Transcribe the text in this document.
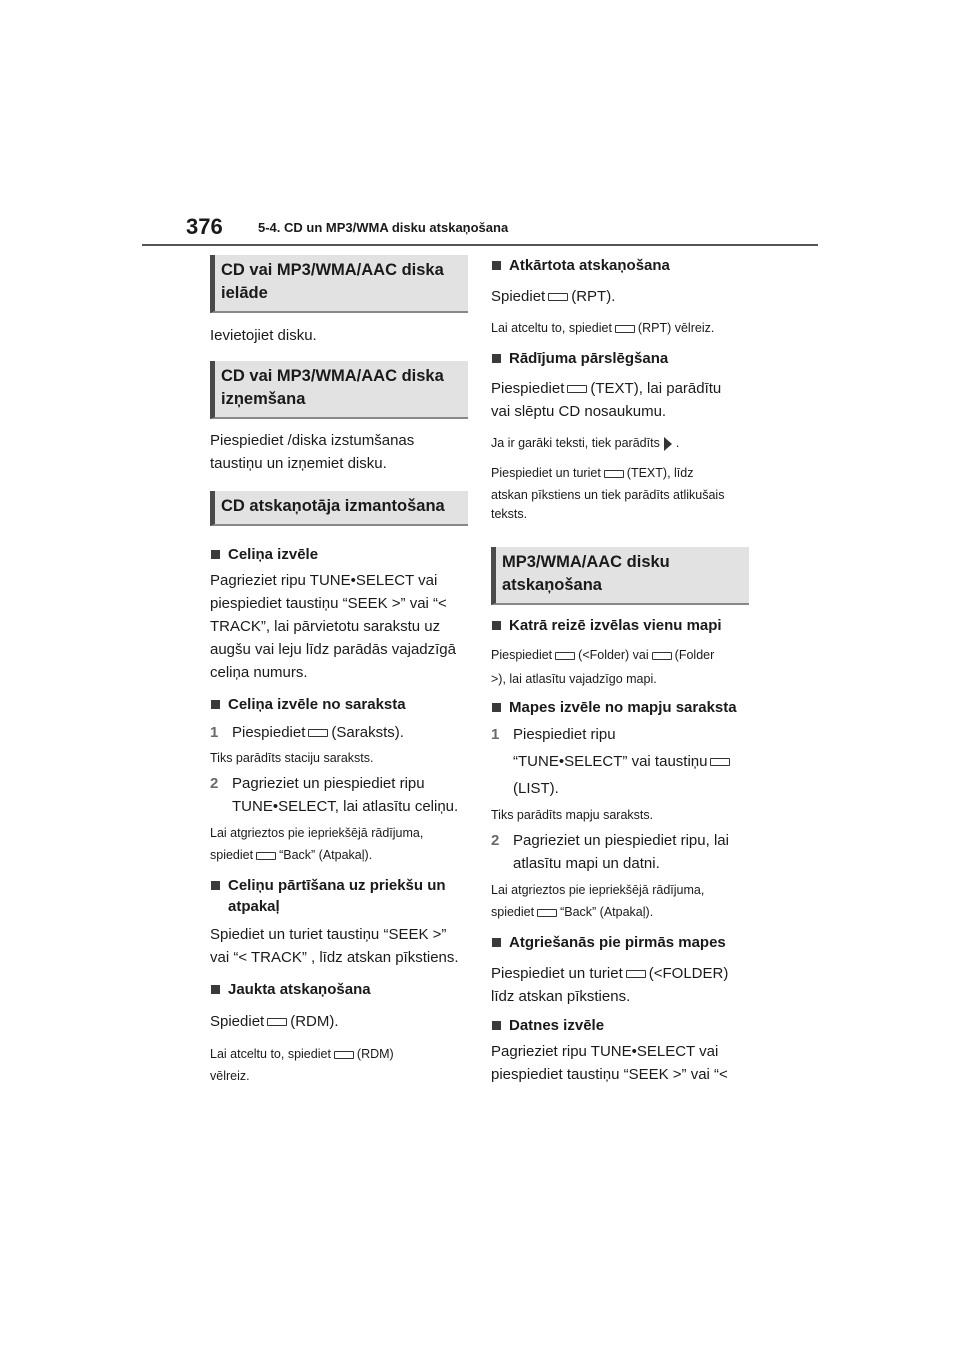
376	5-4. CD un MP3/WMA disku atskaņošana
CD vai MP3/WMA/AAC diska ielāde

Ievietojiet disku.

CD vai MP3/WMA/AAC diska izņemšana

Piespiediet /diska izstumšanas taustiņu un izņemiet disku.

CD atskaņotāja izmantošana

Celiņa izvēle

Pagrieziet ripu TUNE•SELECT vai piespiediet taustiņu “SEEK >” vai “< TRACK”, lai pārvietotu sarakstu uz augšu vai leju līdz parādās vajadzīgā celiņa numurs.

Celiņa izvēle no saraksta

1 Piespiediet (Saraksts).

Tiks parādīts staciju saraksts.

2 Pagrieziet un piespiediet ripu TUNE•SELECT, lai atlasītu celiņu.

Lai atgrieztos pie iepriekšējā rādījuma,

spiediet “Back” (Atpakaļ).

Celiņu pārtīšana uz priekšu un atpakaļ

Spiediet un turiet taustiņu “SEEK >” vai “< TRACK” , līdz atskan pīkstiens.

Jaukta atskaņošana

Spiediet (RDM).

Lai atceltu to, spiediet (RDM)

vēlreiz.

Atkārtota atskaņošana

Spiediet (RPT).

Lai atceltu to, spiediet (RPT) vēlreiz.

Rādījuma pārslēgšana

Piespiediet (TEXT), lai parādītu

vai slēptu CD nosaukumu.

Ja ir garāki teksti, tiek parādīts .

Piespiediet un turiet (TEXT), līdz

atskan pīkstiens un tiek parādīts atlikušais teksts.

MP3/WMA/AAC disku atskaņošana

Katrā reizē izvēlas vienu mapi

Piespiediet (<Folder) vai (Folder

>), lai atlasītu vajadzīgo mapi.

Mapes izvēle no mapju saraksta

1 Piespiediet ripu

“TUNE•SELECT” vai taustiņu

(LIST).

Tiks parādīts mapju saraksts.

2 Pagrieziet un piespiediet ripu, lai atlasītu mapi un datni.

Lai atgrieztos pie iepriekšējā rādījuma,

spiediet “Back” (Atpakaļ).

Atgriešanās pie pirmās mapes

Piespiediet un turiet (<FOLDER)

līdz atskan pīkstiens.

Datnes izvēle

Pagrieziet ripu TUNE•SELECT vai piespiediet taustiņu “SEEK >” vai “<
